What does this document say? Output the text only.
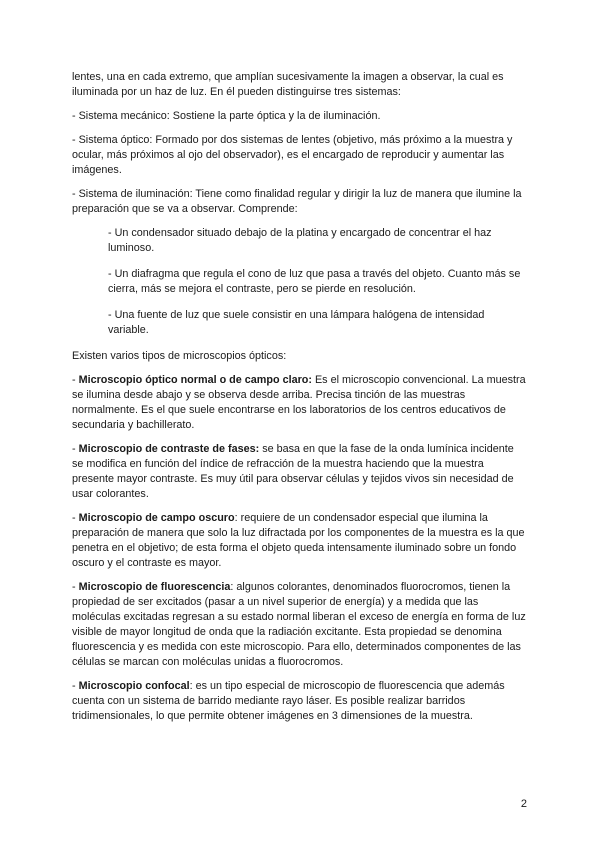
lentes, una en cada extremo, que amplían sucesivamente la imagen a observar, la cual es iluminada por un haz de luz. En él pueden distinguirse tres sistemas:

- Sistema mecánico: Sostiene la parte óptica y la de iluminación.

- Sistema óptico: Formado por dos sistemas de lentes (objetivo, más próximo a la muestra y ocular, más próximos al ojo del observador), es el encargado de reproducir y aumentar las imágenes.

- Sistema de iluminación: Tiene como finalidad regular y dirigir la luz de manera que ilumine la preparación que se va a observar. Comprende:

- Un condensador situado debajo de la platina y encargado de concentrar el haz luminoso.

- Un diafragma que regula el cono de luz que pasa a través del objeto. Cuanto más se cierra, más se mejora el contraste, pero se pierde en resolución.

- Una fuente de luz que suele consistir en una lámpara halógena de intensidad variable.

Existen varios tipos de microscopios ópticos:

- Microscopio óptico normal o de campo claro: Es el microscopio convencional. La muestra se ilumina desde abajo y se observa desde arriba. Precisa tinción de las muestras normalmente. Es el que suele encontrarse en los laboratorios de los centros educativos de secundaria y bachillerato.

- Microscopio de contraste de fases: se basa en que la fase de la onda lumínica incidente se modifica en función del índice de refracción de la muestra haciendo que la muestra presente mayor contraste. Es muy útil para observar células y tejidos vivos sin necesidad de usar colorantes.

- Microscopio de campo oscuro: requiere de un condensador especial que ilumina la preparación de manera que solo la luz difractada por los componentes de la muestra es la que penetra en el objetivo; de esta forma el objeto queda intensamente iluminado sobre un fondo oscuro y el contraste es mayor.

- Microscopio de fluorescencia: algunos colorantes, denominados fluorocromos, tienen la propiedad de ser excitados (pasar a un nivel superior de energía) y a medida que las moléculas excitadas regresan a su estado normal liberan el exceso de energía en forma de luz visible de mayor longitud de onda que la radiación excitante. Esta propiedad se denomina fluorescencia y es medida con este microscopio. Para ello, determinados componentes de las células se marcan con moléculas unidas a fluorocromos.

- Microscopio confocal: es un tipo especial de microscopio de fluorescencia que además cuenta con un sistema de barrido mediante rayo láser. Es posible realizar barridos tridimensionales, lo que permite obtener imágenes en 3 dimensiones de la muestra.

2
